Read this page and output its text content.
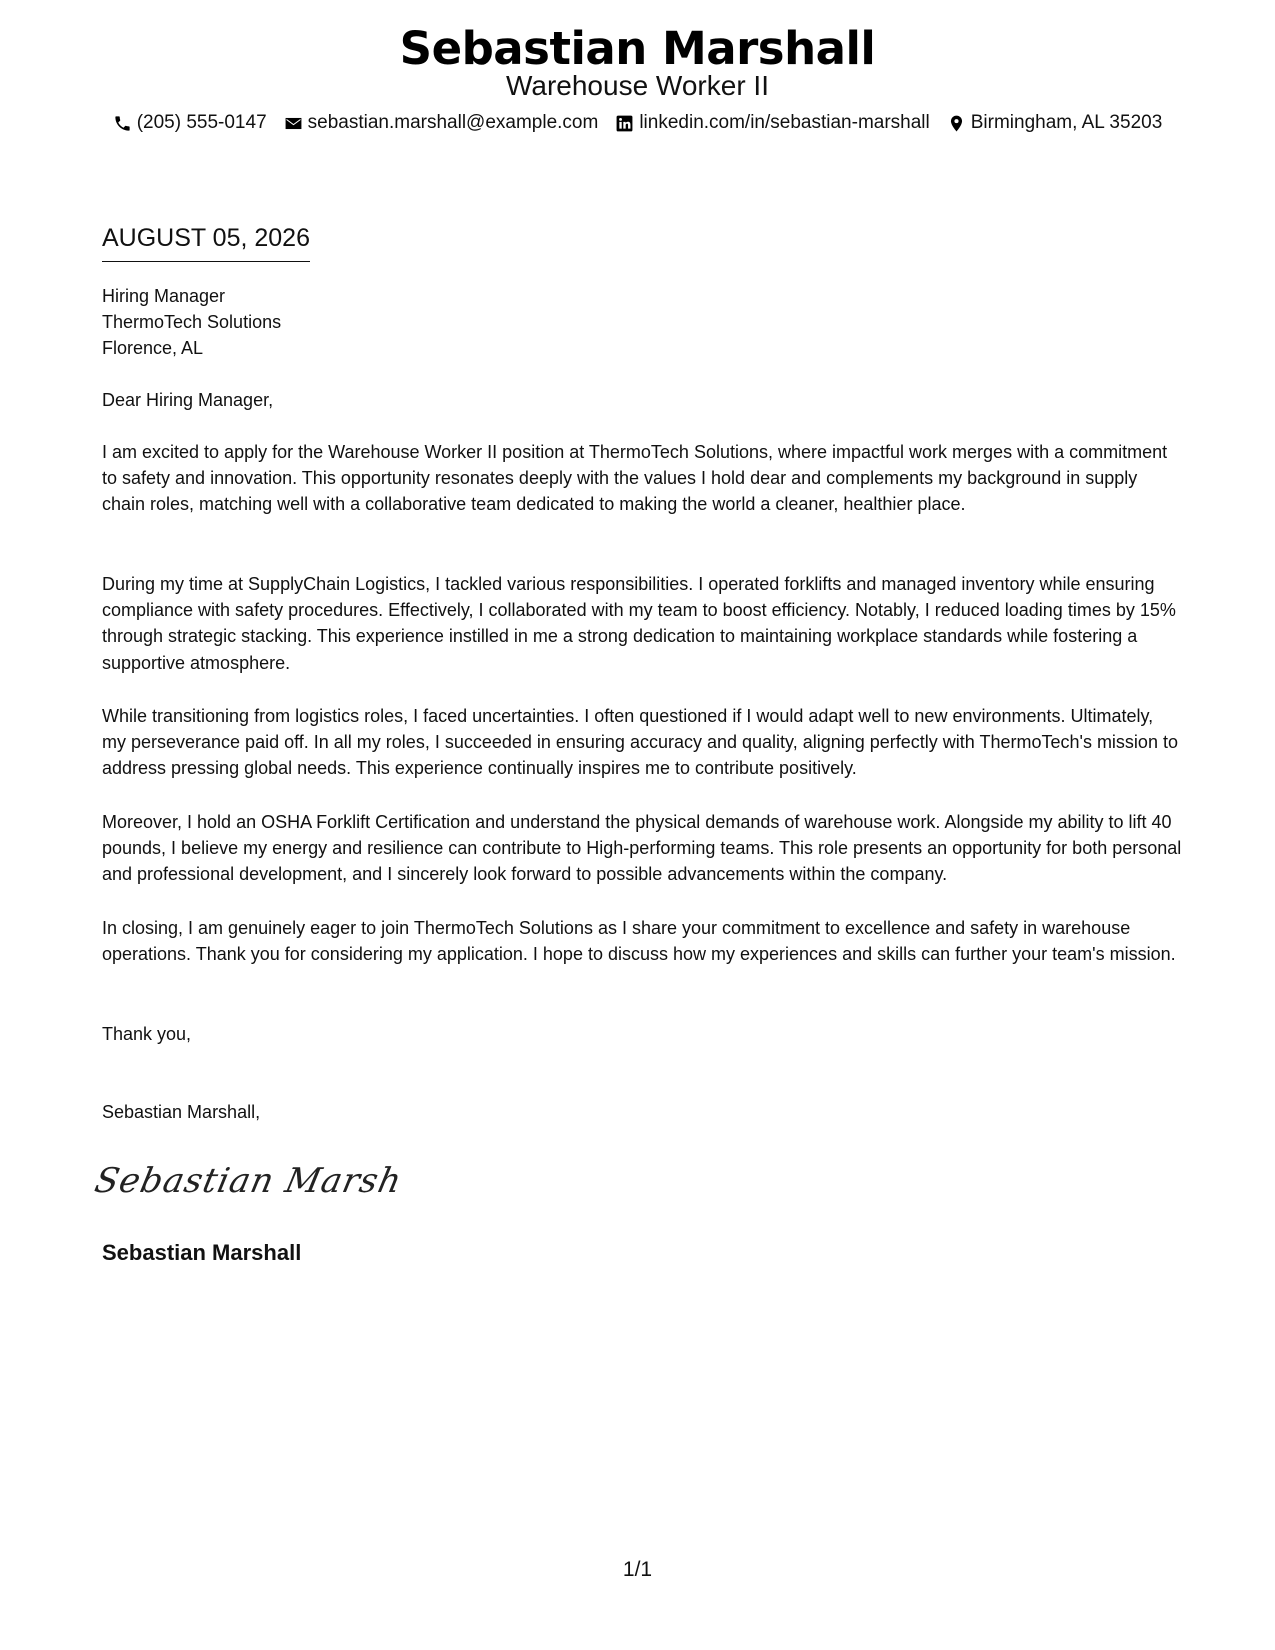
Sebastian Marshall
Warehouse Worker II
(205) 555-0147 sebastian.marshall@example.com linkedin.com/in/sebastian-marshall Birmingham, AL 35203
AUGUST 05, 2026
Hiring Manager
ThermoTech Solutions
Florence, AL
Dear Hiring Manager,
I am excited to apply for the Warehouse Worker II position at ThermoTech Solutions, where impactful work merges with a commitment to safety and innovation. This opportunity resonates deeply with the values I hold dear and complements my background in supply chain roles, matching well with a collaborative team dedicated to making the world a cleaner, healthier place.
During my time at SupplyChain Logistics, I tackled various responsibilities. I operated forklifts and managed inventory while ensuring compliance with safety procedures. Effectively, I collaborated with my team to boost efficiency. Notably, I reduced loading times by 15% through strategic stacking. This experience instilled in me a strong dedication to maintaining workplace standards while fostering a supportive atmosphere.
While transitioning from logistics roles, I faced uncertainties. I often questioned if I would adapt well to new environments. Ultimately, my perseverance paid off. In all my roles, I succeeded in ensuring accuracy and quality, aligning perfectly with ThermoTech's mission to address pressing global needs. This experience continually inspires me to contribute positively.
Moreover, I hold an OSHA Forklift Certification and understand the physical demands of warehouse work. Alongside my ability to lift 40 pounds, I believe my energy and resilience can contribute to High-performing teams. This role presents an opportunity for both personal and professional development, and I sincerely look forward to possible advancements within the company.
In closing, I am genuinely eager to join ThermoTech Solutions as I share your commitment to excellence and safety in warehouse operations. Thank you for considering my application. I hope to discuss how my experiences and skills can further your team's mission.
Thank you,
Sebastian Marshall,
Sebastian Marsh
Sebastian Marshall
1/1
